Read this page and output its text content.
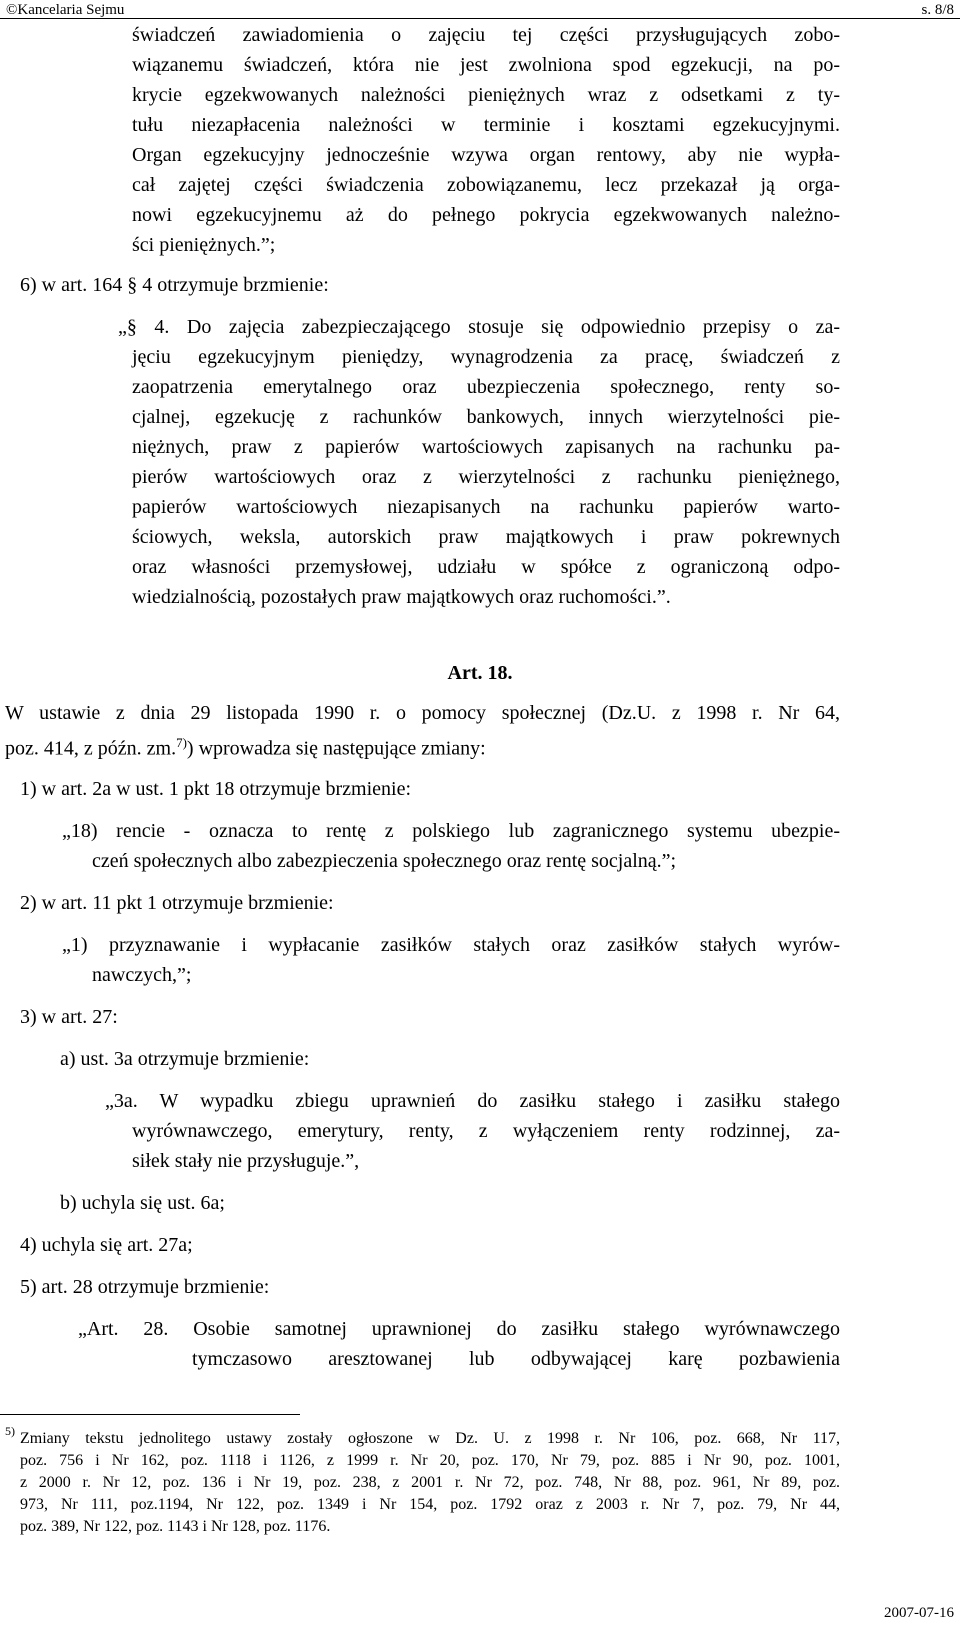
©Kancelaria Sejmu	s. 8/8
świadczeń zawiadomienia o zajęciu tej części przysługujących zobo-
wiązanemu świadczeń, która nie jest zwolniona spod egzekucji, na po-
krycie egzekwowanych należności pieniężnych wraz z odsetkami z ty-
tułu niezapłacenia należności w terminie i kosztami egzekucyjnymi.
Organ egzekucyjny jednocześnie wzywa organ rentowy, aby nie wypła-
cał zajętej części świadczenia zobowiązanemu, lecz przekazał ją orga-
nowi egzekucyjnemu aż do pełnego pokrycia egzekwowanych należno-
ści pieniężnych.”;
6) w art. 164 § 4 otrzymuje brzmienie:
„§ 4. Do zajęcia zabezpieczającego stosuje się odpowiednio przepisy o za-
jęciu egzekucyjnym pieniędzy, wynagrodzenia za pracę, świadczeń z
zaopatrzenia emerytalnego oraz ubezpieczenia społecznego, renty so-
cjalnej, egzekucję z rachunków bankowych, innych wierzytelności pie-
niężnych, praw z papierów wartościowych zapisanych na rachunku pa-
pierów wartościowych oraz z wierzytelności z rachunku pieniężnego,
papierów wartościowych niezapisanych na rachunku papierów warto-
ściowych, weksla, autorskich praw majątkowych i praw pokrewnych
oraz własności przemysłowej, udziału w spółce z ograniczoną odpo-
wiedzialnością, pozostałych praw majątkowych oraz ruchomości.”.
Art. 18.
W ustawie z dnia 29 listopada 1990 r. o pomocy społecznej (Dz.U. z 1998 r. Nr 64,
poz. 414, z późn. zm.$^{7)}$) wprowadza się następujące zmiany:
1) w art. 2a w ust. 1 pkt 18 otrzymuje brzmienie:
„18) rencie - oznacza to rentę z polskiego lub zagranicznego systemu ubezpie-
czeń społecznych albo zabezpieczenia społecznego oraz rentę socjalną.”;
2) w art. 11 pkt 1 otrzymuje brzmienie:
„1) przyznawanie i wypłacanie zasiłków stałych oraz zasiłków stałych wyrów-
nawczych,”;
3) w art. 27:
a) ust. 3a otrzymuje brzmienie:
„3a. W wypadku zbiegu uprawnień do zasiłku stałego i zasiłku stałego
wyrównawczego, emerytury, renty, z wyłączeniem renty rodzinnej, za-
siłek stały nie przysługuje.”,
b) uchyla się ust. 6a;
4) uchyla się art. 27a;
5) art. 28 otrzymuje brzmienie:
„Art. 28. Osobie samotnej uprawnionej do zasiłku stałego wyrównawczego
tymczasowo aresztowanej lub odbywającej karę pozbawienia
5) Zmiany tekstu jednolitego ustawy zostały ogłoszone w Dz. U. z 1998 r. Nr 106, poz. 668, Nr 117,
poz. 756 i Nr 162, poz. 1118 i 1126, z 1999 r. Nr 20, poz. 170, Nr 79, poz. 885 i Nr 90, poz. 1001,
z 2000 r. Nr 12, poz. 136 i Nr 19, poz. 238, z 2001 r. Nr 72, poz. 748, Nr 88, poz. 961, Nr 89, poz.
973, Nr 111, poz.1194, Nr 122, poz. 1349 i Nr 154, poz. 1792 oraz z 2003 r. Nr 7, poz. 79, Nr 44,
poz. 389, Nr 122, poz. 1143 i Nr 128, poz. 1176.
2007-07-16
